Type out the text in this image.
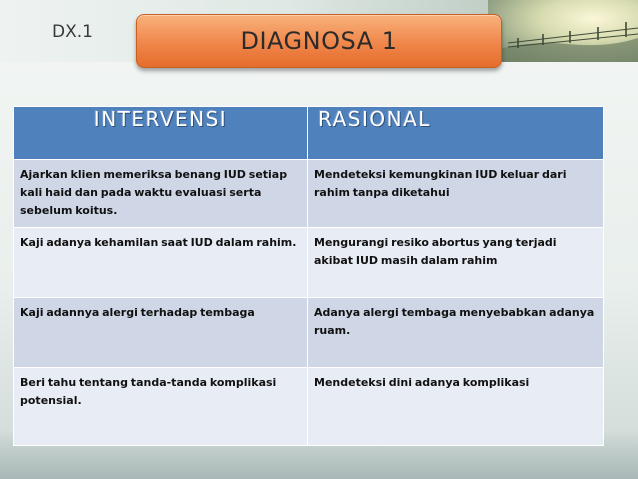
DX.1	DIAGNOSA 1
INTERVENSI	RASIONAL
Ajarkan klien memeriksa benang IUD setiap kali haid dan pada waktu evaluasi serta sebelum koitus.	Mendeteksi kemungkinan IUD keluar dari rahim tanpa diketahui
Kaji adanya kehamilan saat IUD dalam rahim.	Mengurangi resiko abortus yang terjadi akibat IUD masih dalam rahim
Kaji adannya alergi terhadap tembaga	Adanya alergi tembaga menyebabkan adanya ruam.
Beri tahu tentang tanda-tanda komplikasi potensial.	Mendeteksi dini adanya komplikasi
